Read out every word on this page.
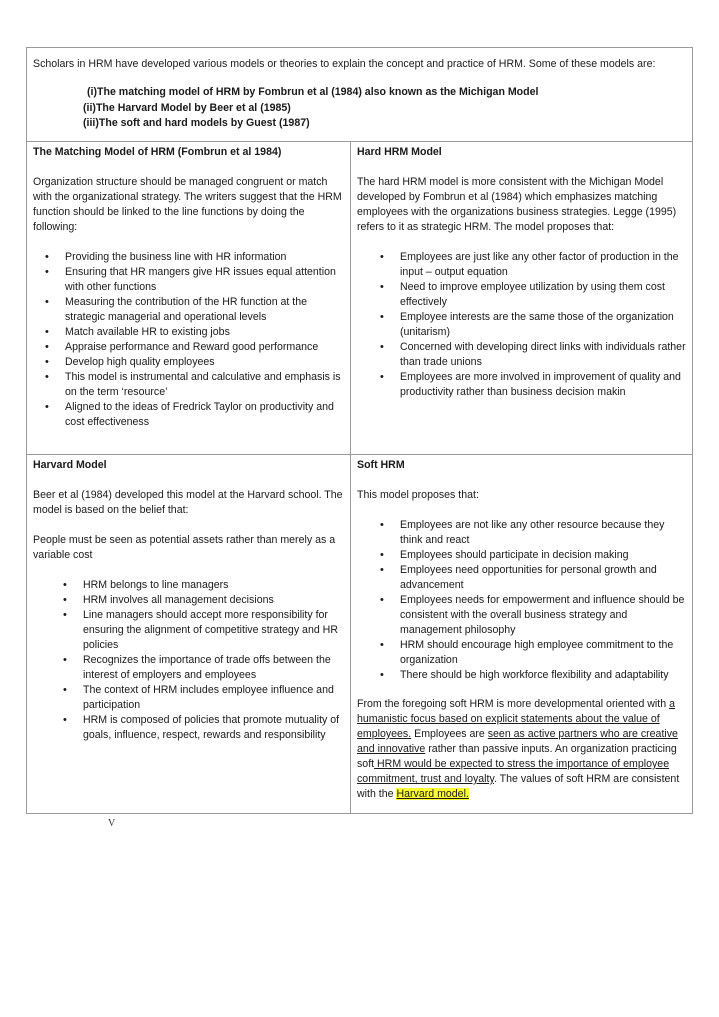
Scholars in HRM have developed various models or theories to explain the concept and practice of HRM. Some of these models are:

(i)The matching model of HRM by Fombrun et al (1984) also known as the Michigan Model
(ii)The Harvard Model by Beer et al (1985)
(iii)The soft and hard models by Guest (1987)
The Matching Model of HRM (Fombrun et al 1984)

Organization structure should be managed congruent or match with the organizational strategy. The writers suggest that the HRM function should be linked to the line functions by doing the following:

• Providing the business line with HR information
• Ensuring that HR mangers give HR issues equal attention with other functions
• Measuring the contribution of the HR function at the strategic managerial and operational levels
• Match available HR to existing jobs
• Appraise performance and Reward good performance
• Develop high quality employees
• This model is instrumental and calculative and emphasis is on the term ‘resource’
• Aligned to the ideas of Fredrick Taylor on productivity and cost effectiveness
Hard HRM Model

The hard HRM model is more consistent with the Michigan Model developed by Fombrun et al (1984) which emphasizes matching employees with the organizations business strategies. Legge (1995) refers to it as strategic HRM. The model proposes that:

• Employees are just like any other factor of production in the input – output equation
• Need to improve employee utilization by using them cost effectively
• Employee interests are the same those of the organization (unitarism)
• Concerned with developing direct links with individuals rather than trade unions
• Employees are more involved in improvement of quality and productivity rather than business decision makin
Harvard Model

Beer et al (1984) developed this model at the Harvard school. The model is based on the belief that:

People must be seen as potential assets rather than merely as a variable cost

• HRM belongs to line managers
• HRM involves all management decisions
• Line managers should accept more responsibility for ensuring the alignment of competitive strategy and HR policies
• Recognizes the importance of trade offs between the interest of employers and employees
• The context of HRM includes employee influence and participation
• HRM is composed of policies that promote mutuality of goals, influence, respect, rewards and responsibility
Soft HRM

This model proposes that:

• Employees are not like any other resource because they think and react
• Employees should participate in decision making
• Employees need opportunities for personal growth and advancement
• Employees needs for empowerment and influence should be consistent with the overall business strategy and management philosophy
• HRM should encourage high employee commitment to the organization
• There should be high workforce flexibility and adaptability

From the foregoing soft HRM is more developmental oriented with a humanistic focus based on explicit statements about the value of employees. Employees are seen as active partners who are creative and innovative rather than passive inputs. An organization practicing soft HRM would be expected to stress the importance of employee commitment, trust and loyalty. The values of soft HRM are consistent with the Harvard model.

V
